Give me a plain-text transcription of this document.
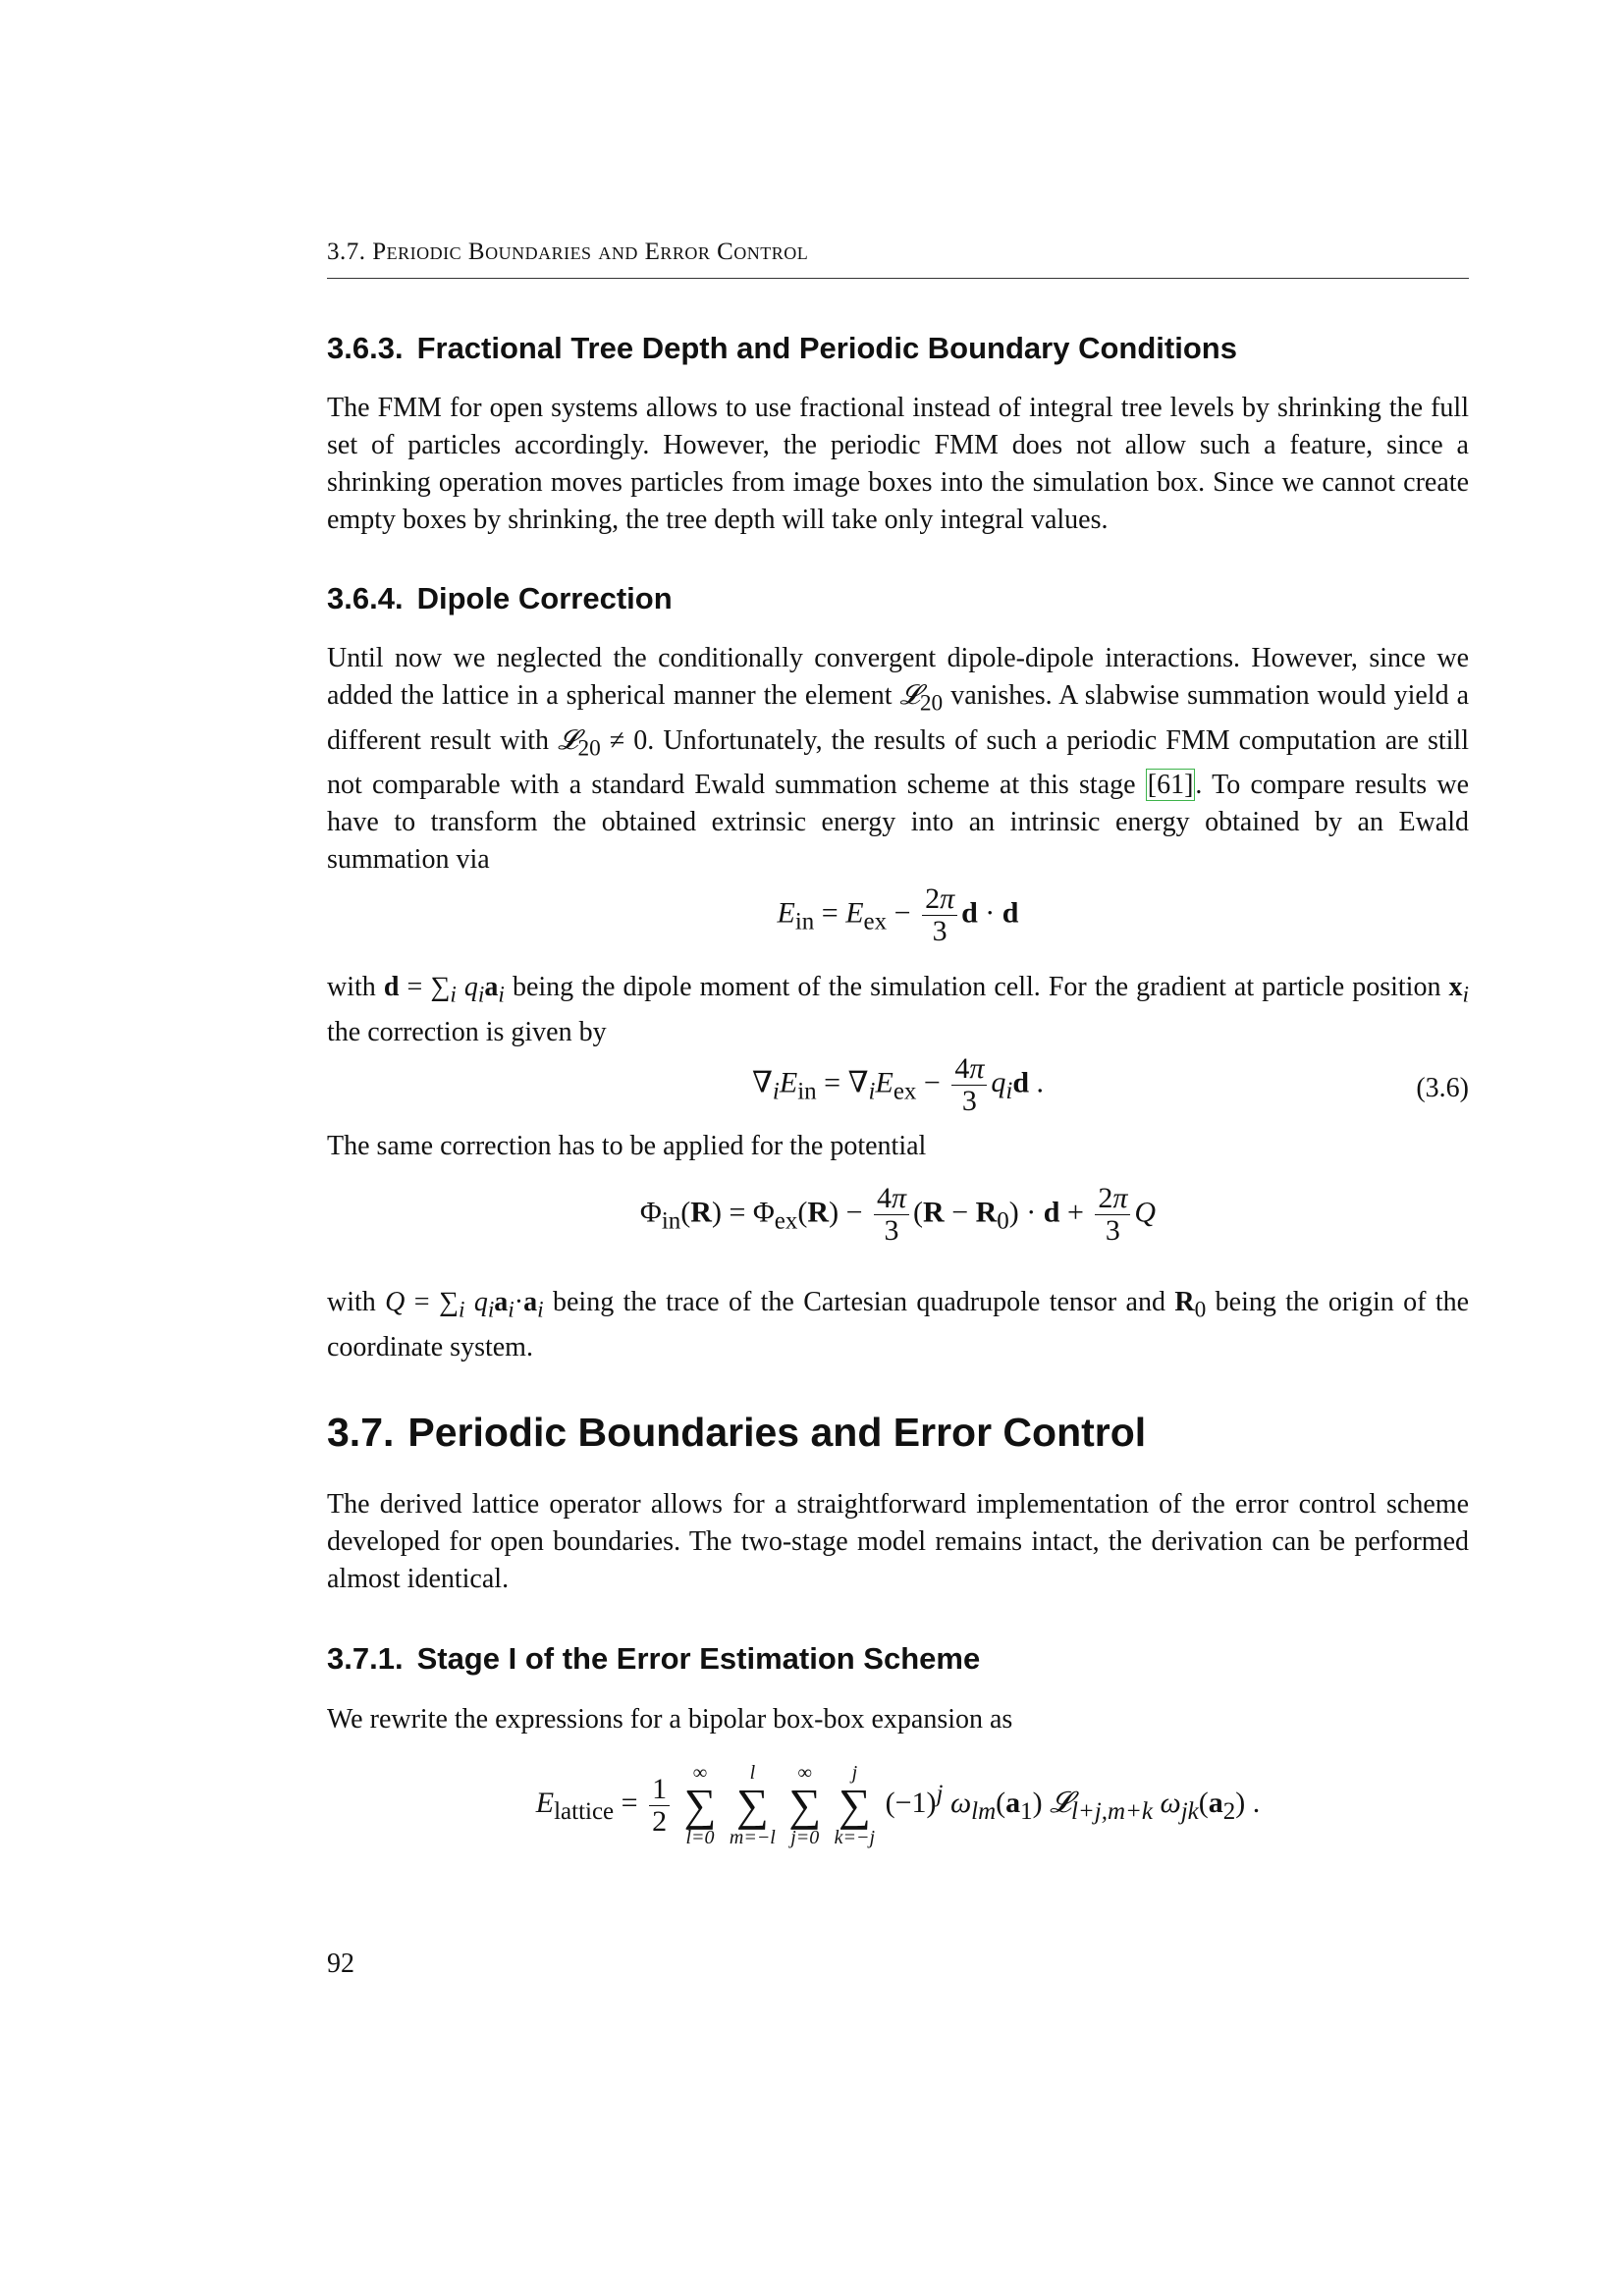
3.7. Periodic Boundaries and Error Control
3.6.3. Fractional Tree Depth and Periodic Boundary Conditions

The FMM for open systems allows to use fractional instead of integral tree levels by shrinking the full set of particles accordingly. However, the periodic FMM does not allow such a feature, since a shrinking operation moves particles from image boxes into the simulation box. Since we cannot create empty boxes by shrinking, the tree depth will take only integral values.

3.6.4. Dipole Correction

Until now we neglected the conditionally convergent dipole-dipole interactions. However, since we added the lattice in a spherical manner the element 𝓛$_{20}$ vanishes. A slabwise summation would yield a different result with 𝓛$_{20}$ ≠ 0. Unfortunately, the results of such a periodic FMM computation are still not comparable with a standard Ewald summation scheme at this stage [61]. To compare results we have to transform the obtained extrinsic energy into an intrinsic energy obtained by an Ewald summation via

$E_{in} = E_{ex} - \frac{2\pi}{3}$ d · d

with $d = \sum_i$ $q_ia_i$ being the dipole moment of the simulation cell. For the gradient at particle position $x_i$ the correction is given by

$\nabla_iE_{in} = \nabla_iE_{ex} - \frac{4\pi}{3} q_id$ .	(3.6)

The same correction has to be applied for the potential

$\Phi_{in}(R) = \Phi_{ex}(R) - \frac{4\pi}{3} (R - R_0) \cdot d + \frac{2\pi}{3}$ Q

with $Q = \sum_i$ $q_ia_i\cdot a_i$ being the trace of the Cartesian quadrupole tensor and $R_0$ being the origin of the coordinate system.

3.7. Periodic Boundaries and Error Control

The derived lattice operator allows for a straightforward implementation of the error control scheme developed for open boundaries. The two-stage model remains intact, the derivation can be performed almost identical.

3.7.1. Stage I of the Error Estimation Scheme

We rewrite the expressions for a bipolar box-box expansion as

$E_{lattice} = \frac{1}{2}$

∞
∑
l=0

l
∑
m=−l

∞
∑
j=0

j
∑
k=−j
$(-1)^j$ $\omega_{lm}(a_1)$ 𝓛$_{l+j,m+k}$ $\omega_{jk}(a_2)$ .
92
